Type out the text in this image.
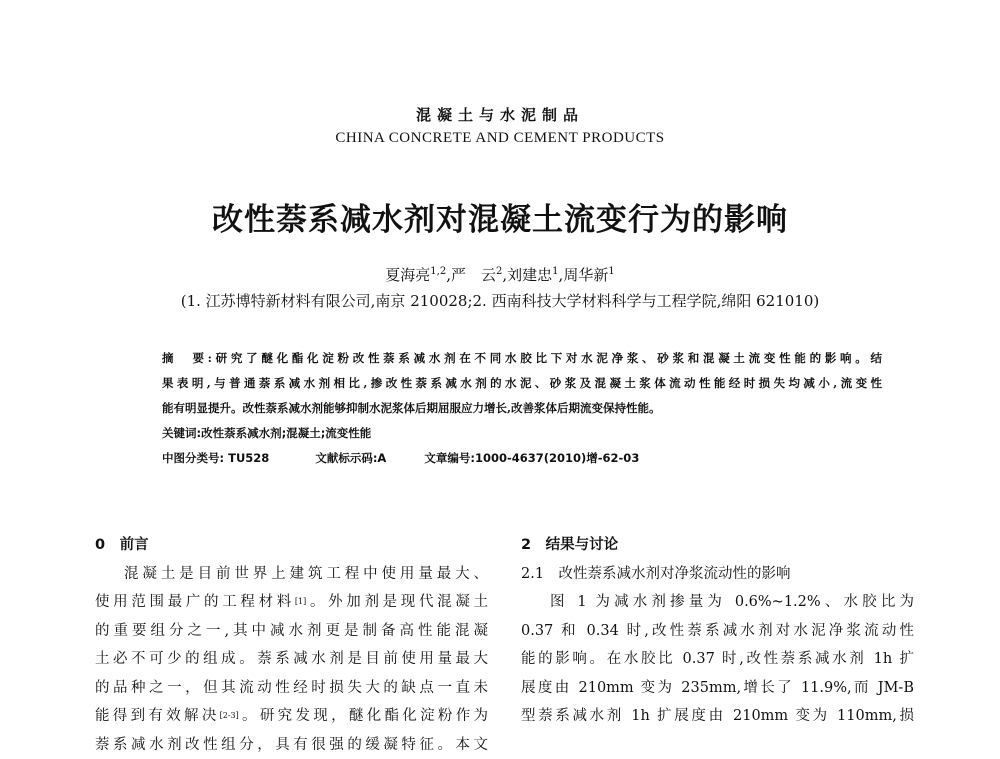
混凝土与水泥制品
CHINA CONCRETE AND CEMENT PRODUCTS
改性萘系减水剂对混凝土流变行为的影响
夏海亮$^{1,2}$,严　云$^2$,刘建忠$^1$,周华新$^1$
(1. 江苏博特新材料有限公司,南京 210028;2. 西南科技大学材料科学与工程学院,绵阳 621010)
摘　要:研究了醚化酯化淀粉改性萘系减水剂在不同水胶比下对水泥净浆、砂浆和混凝土流变性能的影响。结
果表明,与普通萘系减水剂相比,掺改性萘系减水剂的水泥、砂浆及混凝土浆体流动性能经时损失均减小,流变性
能有明显提升。改性萘系减水剂能够抑制水泥浆体后期屈服应力增长,改善浆体后期流变保持性能。
关键词:改性萘系减水剂;混凝土;流变性能
中图分类号: TU528	文献标示码:A	文章编号:1000-4637(2010)增-62-03
0　前言
混凝土是目前世界上建筑工程中使用量最大、
使用范围最广的工程材料[1]。外加剂是现代混凝土
的重要组分之一,其中减水剂更是制备高性能混凝
土必不可少的组成。萘系减水剂是目前使用量最大
的品种之一，但其流动性经时损失大的缺点一直未
能得到有效解决[2-3]。研究发现，醚化酯化淀粉作为
萘系减水剂改性组分，具有很强的缓凝特征。本文
2　结果与讨论
2.1　改性萘系减水剂对净浆流动性的影响
图 1 为减水剂掺量为 0.6%~1.2%、水胶比为
0.37 和 0.34 时,改性萘系减水剂对水泥净浆流动性
能的影响。在水胶比 0.37 时,改性萘系减水剂 1h 扩
展度由 210mm 变为 235mm,增长了 11.9%,而 JM-B
型萘系减水剂 1h 扩展度由 210mm 变为 110mm,损
